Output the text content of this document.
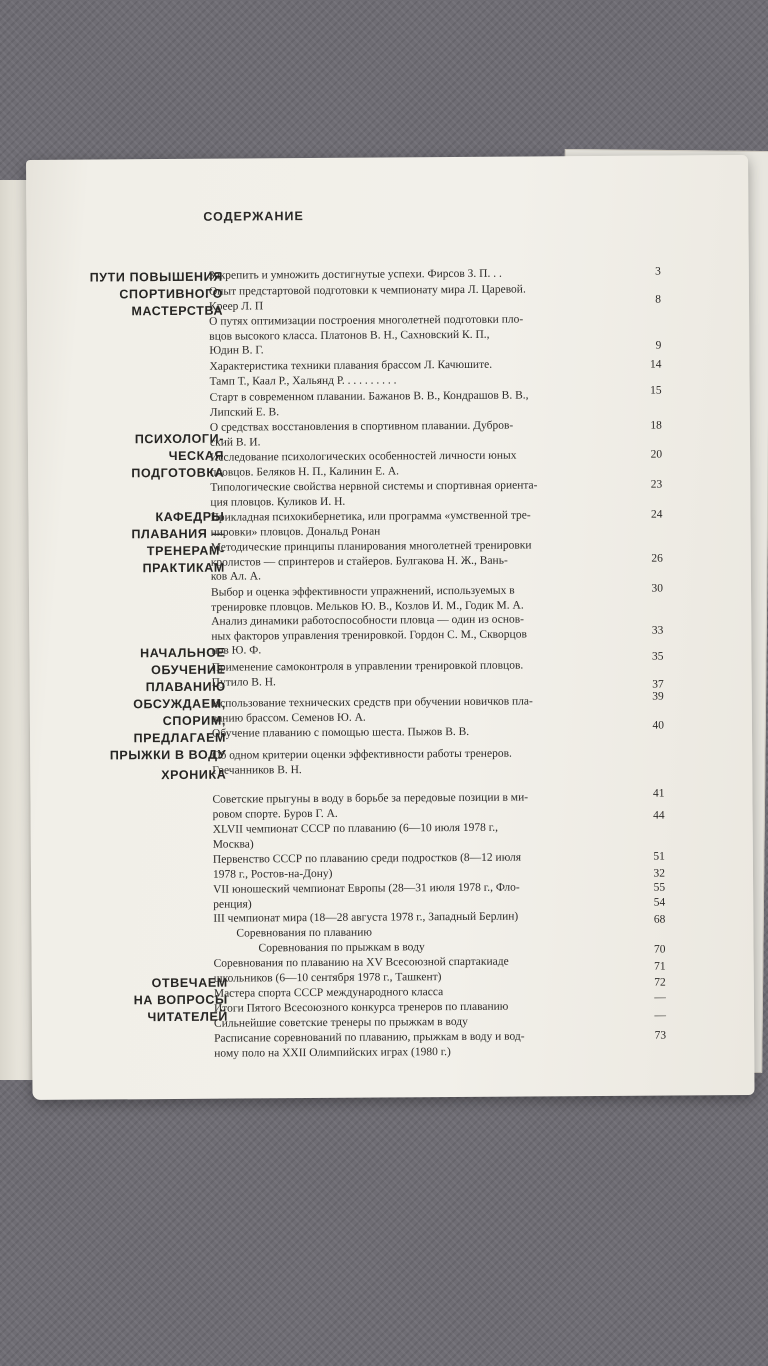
СОДЕРЖАНИЕ
ПУТИ ПОВЫШЕНИЯ
СПОРТИВНОГО
МАСТЕРСТВА
ПСИХОЛОГИ-
ЧЕСКАЯ
ПОДГОТОВКА
КАФЕДРЫ
ПЛАВАНИЯ —
ТРЕНЕРАМ-
ПРАКТИКАМ
НАЧАЛЬНОЕ
ОБУЧЕНИЕ
ПЛАВАНИЮ
ОБСУЖДАЕМ,
СПОРИМ,
ПРЕДЛАГАЕМ
ПРЫЖКИ В ВОДУ
ХРОНИКА
ОТВЕЧАЕМ
НА ВОПРОСЫ
ЧИТАТЕЛЕЙ
Закрепить и умножить достигнутые успехи. Фирсов З. П. . .
Опыт предстартовой подготовки к чемпионату мира Л. Царевой.
Креер Л. П
О путях оптимизации построения многолетней подготовки пло-
вцов высокого класса. Платонов В. Н., Сахновский К. П.,
Юдин В. Г.
Характеристика техники плавания брассом Л. Качюшите.
Тамп Т., Каал Р., Хальянд Р. . . . . . . . . .
Старт в современном плавании. Бажанов В. В., Кондрашов В. В.,
Липский Е. В.
О средствах восстановления в спортивном плавании. Дубров-
ский В. И.
Исследование психологических особенностей личности юных
пловцов. Беляков Н. П., Калинин Е. А.
Типологические свойства нервной системы и спортивная ориента-
ция пловцов. Куликов И. Н.
Прикладная психокибернетика, или программа «умственной тре-
нировки» пловцов. Дональд Ронан
Методические принципы планирования многолетней тренировки
кролистов — спринтеров и стайеров. Булгакова Н. Ж., Вань-
ков Ал. А.
Выбор и оценка эффективности упражнений, используемых в
тренировке пловцов. Мельков Ю. В., Козлов И. М., Годик М. А.
Анализ динамики работоспособности пловца — один из основ-
ных факторов управления тренировкой. Гордон С. М., Скворцов
нов Ю. Ф.
Применение самоконтроля в управлении тренировкой пловцов.
Путило В. Н.
Использование технических средств при обучении новичков пла-
ванию брассом. Семенов Ю. А.
Обучение плаванию с помощью шеста. Пыжов В. В.
Об одном критерии оценки эффективности работы тренеров.
Гречанников В. Н.
Советские прыгуны в воду в борьбе за передовые позиции в ми-
ровом спорте. Буров Г. А.
XLVII чемпионат СССР по плаванию (6—10 июля 1978 г.,
Москва)
Первенство СССР по плаванию среди подростков (8—12 июля
1978 г., Ростов-на-Дону)
VII юношеский чемпионат Европы (28—31 июля 1978 г., Фло-
ренция)
III чемпионат мира (18—28 августа 1978 г., Западный Берлин)
Соревнования по плаванию
Соревнования по прыжкам в воду
Соревнования по плаванию на XV Всесоюзной спартакиаде
школьников (6—10 сентября 1978 г., Ташкент)
Мастера спорта СССР международного класса
Итоги Пятого Всесоюзного конкурса тренеров по плаванию
Сильнейшие советские тренеры по прыжкам в воду
Расписание соревнований по плаванию, прыжкам в воду и вод-
ному поло на XXII Олимпийских играх (1980 г.)
3
8
9
14
15
18
20
23
24
26
30
33
35
37
39
40
41
44
51
32
55
54
68
70
71
72
—
—
73
